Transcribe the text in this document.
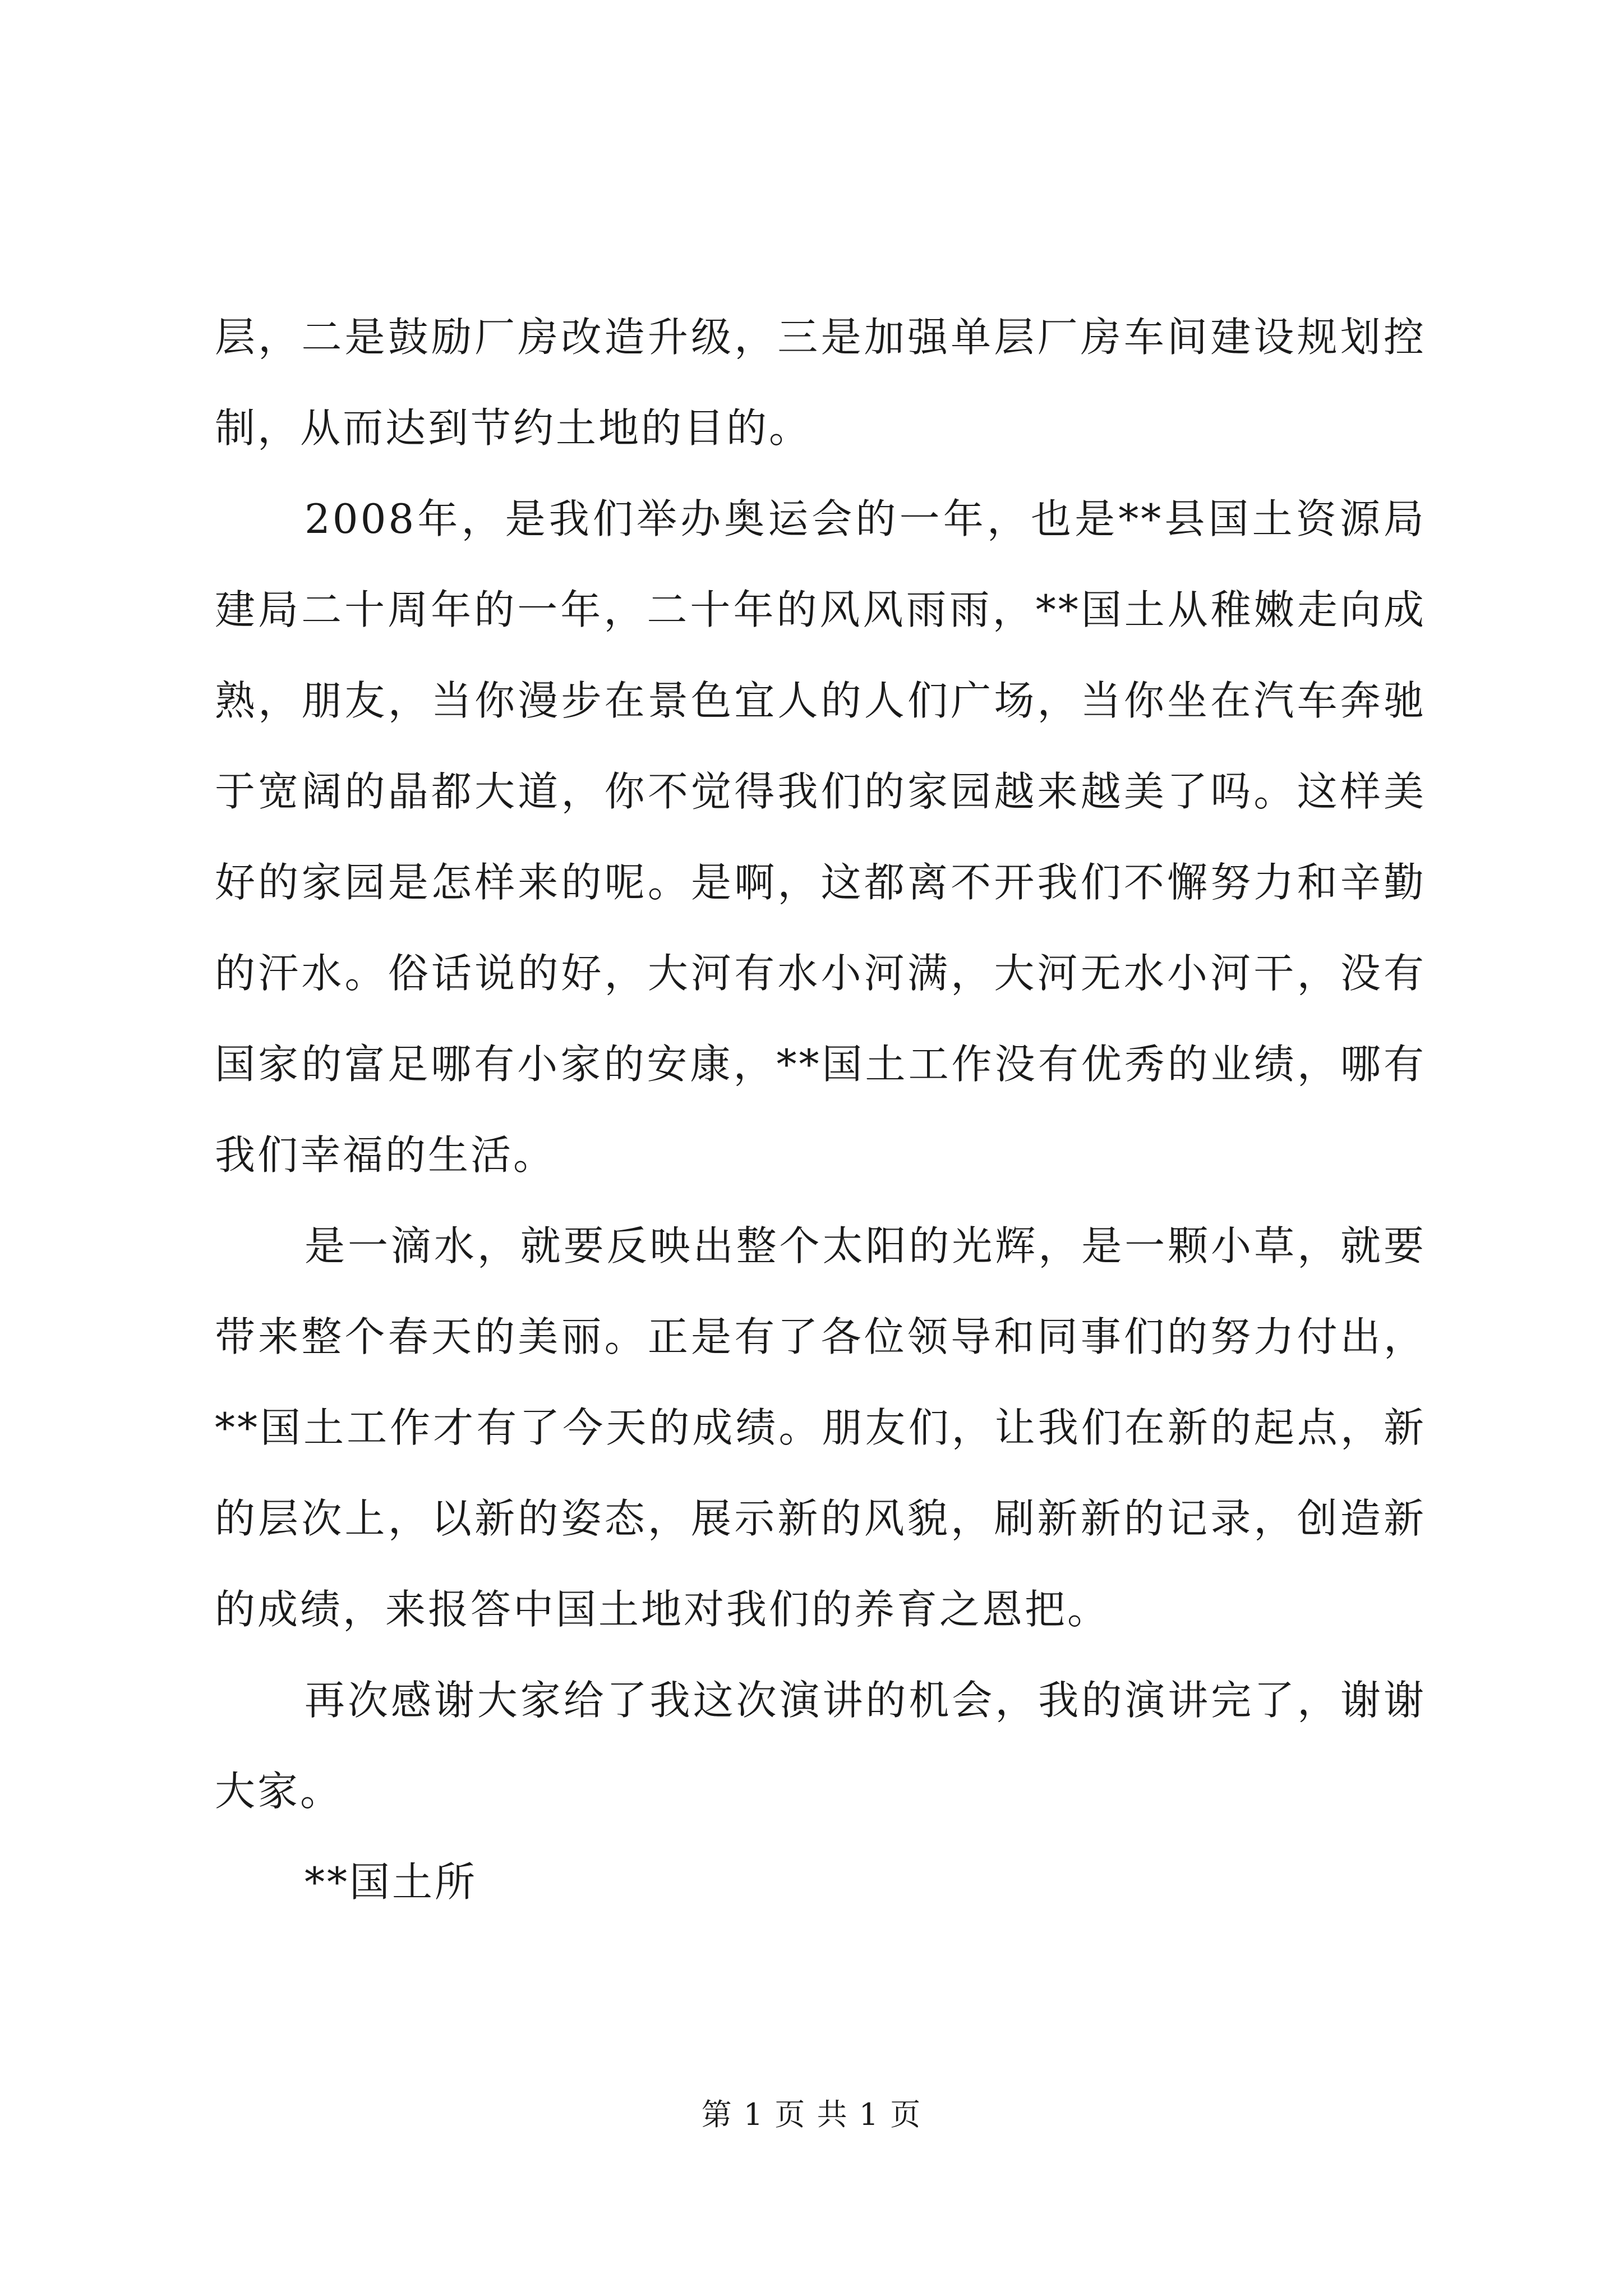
层，二是鼓励厂房改造升级，三是加强单层厂房车间建设规划控制，从而达到节约土地的目的。

2008年，是我们举办奥运会的一年，也是**县国土资源局建局二十周年的一年，二十年的风风雨雨，**国土从稚嫩走向成熟，朋友，当你漫步在景色宜人的人们广场，当你坐在汽车奔驰于宽阔的晶都大道，你不觉得我们的家园越来越美了吗。这样美好的家园是怎样来的呢。是啊，这都离不开我们不懈努力和辛勤的汗水。俗话说的好，大河有水小河满，大河无水小河干，没有国家的富足哪有小家的安康，**国土工作没有优秀的业绩，哪有我们幸福的生活。

是一滴水，就要反映出整个太阳的光辉，是一颗小草，就要带来整个春天的美丽。正是有了各位领导和同事们的努力付出，**国土工作才有了今天的成绩。朋友们，让我们在新的起点，新的层次上，以新的姿态，展示新的风貌，刷新新的记录，创造新的成绩，来报答中国土地对我们的养育之恩把。

再次感谢大家给了我这次演讲的机会，我的演讲完了，谢谢大家。

**国土所

第 1 页 共 1 页
